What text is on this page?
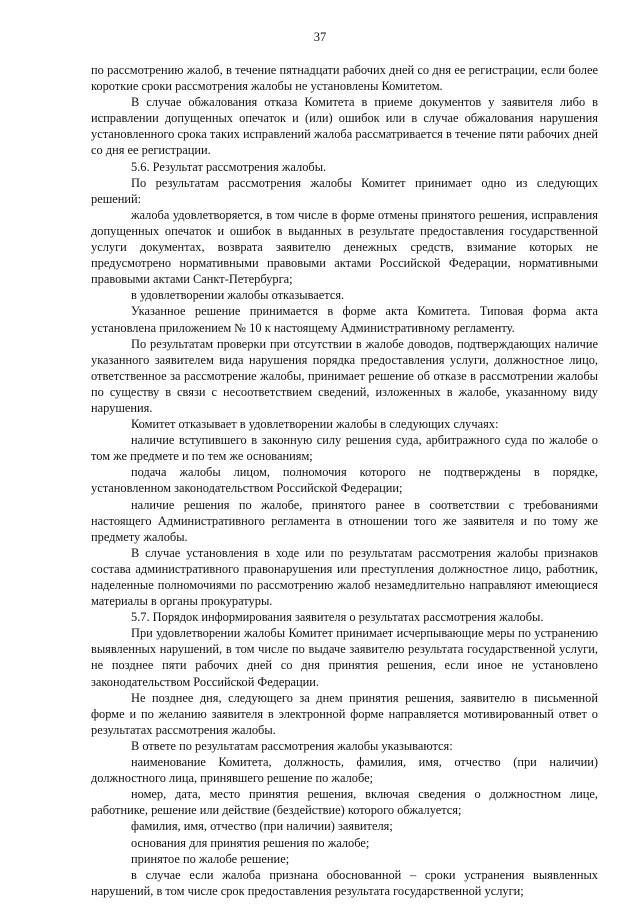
37

по рассмотрению жалоб, в течение пятнадцати рабочих дней со дня ее регистрации, если более короткие сроки рассмотрения жалобы не установлены Комитетом.

В случае обжалования отказа Комитета в приеме документов у заявителя либо в исправлении допущенных опечаток и (или) ошибок или в случае обжалования нарушения установленного срока таких исправлений жалоба рассматривается в течение пяти рабочих дней со дня ее регистрации.

5.6. Результат рассмотрения жалобы.

По результатам рассмотрения жалобы Комитет принимает одно из следующих решений:

жалоба удовлетворяется, в том числе в форме отмены принятого решения, исправления допущенных опечаток и ошибок в выданных в результате предоставления государственной услуги документах, возврата заявителю денежных средств, взимание которых не предусмотрено нормативными правовыми актами Российской Федерации, нормативными правовыми актами Санкт-Петербурга;

в удовлетворении жалобы отказывается.

Указанное решение принимается в форме акта Комитета. Типовая форма акта установлена приложением № 10 к настоящему Административному регламенту.

По результатам проверки при отсутствии в жалобе доводов, подтверждающих наличие указанного заявителем вида нарушения порядка предоставления услуги, должностное лицо, ответственное за рассмотрение жалобы, принимает решение об отказе в рассмотрении жалобы по существу в связи с несоответствием сведений, изложенных в жалобе, указанному виду нарушения.

Комитет отказывает в удовлетворении жалобы в следующих случаях:

наличие вступившего в законную силу решения суда, арбитражного суда по жалобе о том же предмете и по тем же основаниям;

подача жалобы лицом, полномочия которого не подтверждены в порядке, установленном законодательством Российской Федерации;

наличие решения по жалобе, принятого ранее в соответствии с требованиями настоящего Административного регламента в отношении того же заявителя и по тому же предмету жалобы.

В случае установления в ходе или по результатам рассмотрения жалобы признаков состава административного правонарушения или преступления должностное лицо, работник, наделенные полномочиями по рассмотрению жалоб незамедлительно направляют имеющиеся материалы в органы прокуратуры.

5.7. Порядок информирования заявителя о результатах рассмотрения жалобы.

При удовлетворении жалобы Комитет принимает исчерпывающие меры по устранению выявленных нарушений, в том числе по выдаче заявителю результата государственной услуги, не позднее пяти рабочих дней со дня принятия решения, если иное не установлено законодательством Российской Федерации.

Не позднее дня, следующего за днем принятия решения, заявителю в письменной форме и по желанию заявителя в электронной форме направляется мотивированный ответ о результатах рассмотрения жалобы.

В ответе по результатам рассмотрения жалобы указываются:

наименование Комитета, должность, фамилия, имя, отчество (при наличии) должностного лица, принявшего решение по жалобе;

номер, дата, место принятия решения, включая сведения о должностном лице, работнике, решение или действие (бездействие) которого обжалуется;

фамилия, имя, отчество (при наличии) заявителя;

основания для принятия решения по жалобе;

принятое по жалобе решение;

в случае если жалоба признана обоснованной – сроки устранения выявленных нарушений, в том числе срок предоставления результата государственной услуги;
